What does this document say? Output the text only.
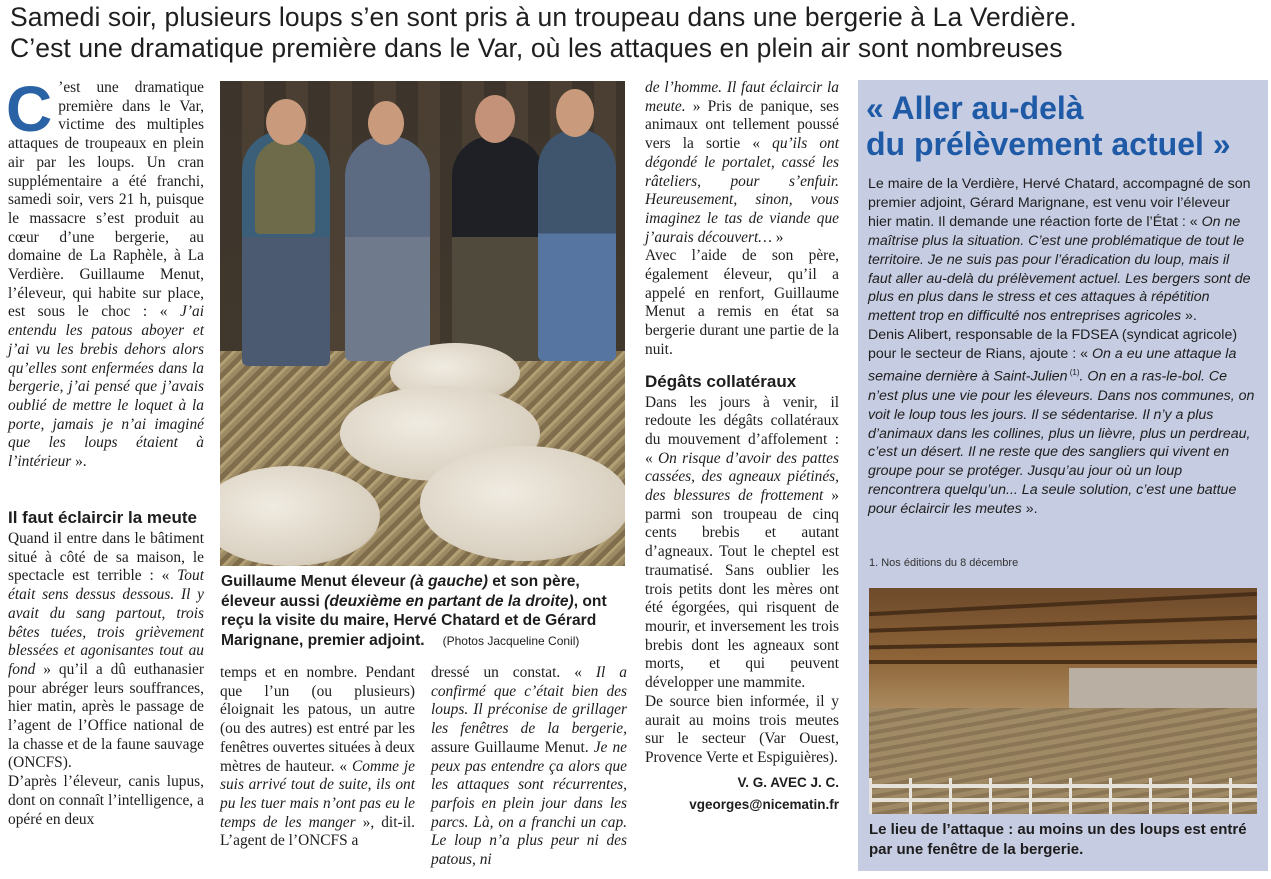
Samedi soir, plusieurs loups s’en sont pris à un troupeau dans une bergerie à La Verdière.
C’est une dramatique première dans le Var, où les attaques en plein air sont nombreuses

C ’est une dramatique première dans le Var, victime des multiples attaques de troupeaux en plein air par les loups. Un cran supplémentaire a été franchi, samedi soir, vers 21 h, puisque le massacre s’est produit au cœur d’une bergerie, au domaine de La Raphèle, à La Verdière. Guillaume Menut, l’éleveur, qui habite sur place, est sous le choc : « J’ai entendu les patous aboyer et j’ai vu les brebis dehors alors qu’elles sont enfermées dans la bergerie, j’ai pensé que j’avais oublié de mettre le loquet à la porte, jamais je n’ai imaginé que les loups étaient à l’intérieur ».

Il faut éclaircir la meute

Quand il entre dans le bâtiment situé à côté de sa maison, le spectacle est terrible : « Tout était sens dessus dessous. Il y avait du sang partout, trois bêtes tuées, trois grièvement blessées et agonisantes tout au fond » qu’il a dû euthanasier pour abréger leurs souffrances, hier matin, après le passage de l’agent de l’Office national de la chasse et de la faune sauvage (ONCFS).

D’après l’éleveur, canis lupus, dont on connaît l’intelligence, a opéré en deux

Guillaume Menut éleveur (à gauche) et son père, éleveur aussi (deuxième en partant de la droite), ont reçu la visite du maire, Hervé Chatard et de Gérard Marignane, premier adjoint. (Photos Jacqueline Conil)

temps et en nombre. Pendant que l’un (ou plusieurs) éloignait les patous, un autre (ou des autres) est entré par les fenêtres ouvertes situées à deux mètres de hauteur. « Comme je suis arrivé tout de suite, ils ont pu les tuer mais n’ont pas eu le temps de les manger », dit-il. L’agent de l’ONCFS a

dressé un constat. « Il a confirmé que c’était bien des loups. Il préconise de grillager les fenêtres de la bergerie, assure Guillaume Menut. Je ne peux pas entendre ça alors que les attaques sont récurrentes, parfois en plein jour dans les parcs. Là, on a franchi un cap. Le loup n’a plus peur ni des patous, ni

de l’homme. Il faut éclaircir la meute. » Pris de panique, ses animaux ont tellement poussé vers la sortie « qu’ils ont dégondé le portalet, cassé les râteliers, pour s’enfuir. Heureusement, sinon, vous imaginez le tas de viande que j’aurais découvert… »

Avec l’aide de son père, également éleveur, qu’il a appelé en renfort, Guillaume Menut a remis en état sa bergerie durant une partie de la nuit.

Dégâts collatéraux

Dans les jours à venir, il redoute les dégâts collatéraux du mouvement d’affolement : « On risque d’avoir des pattes cassées, des agneaux piétinés, des blessures de frottement » parmi son troupeau de cinq cents brebis et autant d’agneaux. Tout le cheptel est traumatisé. Sans oublier les trois petits dont les mères ont été égorgées, qui risquent de mourir, et inversement les trois brebis dont les agneaux sont morts, et qui peuvent développer une mammite.

De source bien informée, il y aurait au moins trois meutes sur le secteur (Var Ouest, Provence Verte et Espiguières).

V. G. AVEC J. C.
vgeorges@nicematin.fr
« Aller au-delà
du prélèvement actuel »

Le maire de la Verdière, Hervé Chatard, accompagné de son premier adjoint, Gérard Marignane, est venu voir l’éleveur hier matin. Il demande une réaction forte de l’État : « On ne maîtrise plus la situation. C’est une problématique de tout le territoire. Je ne suis pas pour l’éradication du loup, mais il faut aller au-delà du prélèvement actuel. Les bergers sont de plus en plus dans le stress et ces attaques à répétition mettent trop en difficulté nos entreprises agricoles ».

Denis Alibert, responsable de la FDSEA (syndicat agricole) pour le secteur de Rians, ajoute : « On a eu une attaque la semaine dernière à Saint-Julien $^{(1)}$. On en a ras-le-bol. Ce n’est plus une vie pour les éleveurs. Dans nos communes, on voit le loup tous les jours. Il se sédentarise. Il n’y a plus d’animaux dans les collines, plus un lièvre, plus un perdreau, c’est un désert. Il ne reste que des sangliers qui vivent en groupe pour se protéger. Jusqu’au jour où un loup rencontrera quelqu’un... La seule solution, c’est une battue pour éclaircir les meutes ».

1. Nos éditions du 8 décembre
Le lieu de l’attaque : au moins un des loups est entré par une fenêtre de la bergerie.
